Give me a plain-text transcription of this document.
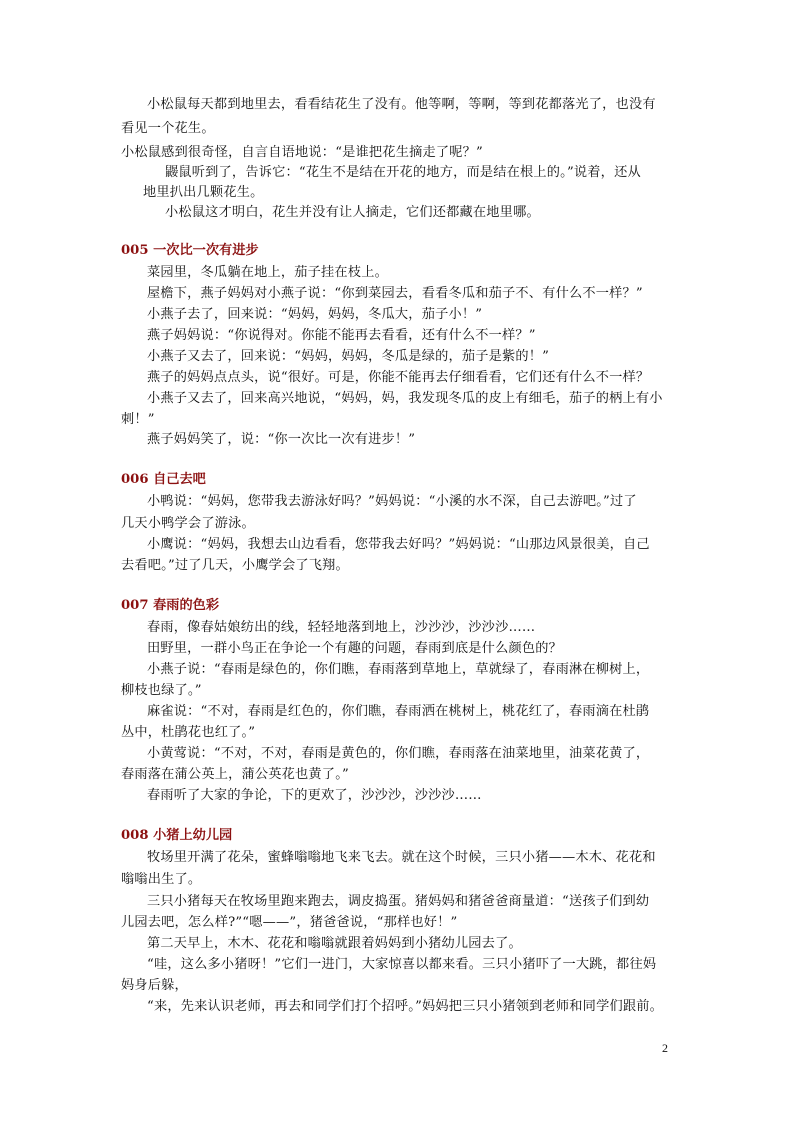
小松鼠每天都到地里去，看看结花生了没有。他等啊，等啊，等到花都落光了，也没有
看见一个花生。
小松鼠感到很奇怪，自言自语地说：“是谁把花生摘走了呢？”
鼹鼠听到了，告诉它：“花生不是结在开花的地方，而是结在根上的。”说着，还从
地里扒出几颗花生。
小松鼠这才明白，花生并没有让人摘走，它们还都藏在地里哪。
005 一次比一次有进步
菜园里，冬瓜躺在地上，茄子挂在枝上。
屋檐下，燕子妈妈对小燕子说：“你到菜园去，看看冬瓜和茄子不、有什么不一样？”
小燕子去了，回来说：“妈妈，妈妈，冬瓜大，茄子小！”
燕子妈妈说：“你说得对。你能不能再去看看，还有什么不一样？”
小燕子又去了，回来说：“妈妈，妈妈，冬瓜是绿的，茄子是紫的！”
燕子的妈妈点点头，说“很好。可是，你能不能再去仔细看看，它们还有什么不一样？
小燕子又去了，回来高兴地说，“妈妈，妈，我发现冬瓜的皮上有细毛，茄子的柄上有小
刺！”
燕子妈妈笑了，说：“你一次比一次有进步！”
006 自己去吧
小鸭说：“妈妈，您带我去游泳好吗？”妈妈说：“小溪的水不深，自己去游吧。”过了
几天小鸭学会了游泳。
小鹰说：“妈妈，我想去山边看看，您带我去好吗？”妈妈说：“山那边风景很美，自己
去看吧。”过了几天，小鹰学会了飞翔。
007 春雨的色彩
春雨，像春姑娘纺出的线，轻轻地落到地上，沙沙沙，沙沙沙……
田野里，一群小鸟正在争论一个有趣的问题，春雨到底是什么颜色的？
小燕子说：“春雨是绿色的，你们瞧，春雨落到草地上，草就绿了，春雨淋在柳树上，
柳枝也绿了。”
麻雀说：“不对，春雨是红色的，你们瞧，春雨洒在桃树上，桃花红了，春雨滴在杜鹃
丛中，杜鹃花也红了。”
小黄莺说：“不对，不对，春雨是黄色的，你们瞧，春雨落在油菜地里，油菜花黄了，
春雨落在蒲公英上，蒲公英花也黄了。”
春雨听了大家的争论，下的更欢了，沙沙沙，沙沙沙……
008 小猪上幼儿园
牧场里开满了花朵，蜜蜂嗡嗡地飞来飞去。就在这个时候，三只小猪——木木、花花和
嗡嗡出生了。
三只小猪每天在牧场里跑来跑去，调皮捣蛋。猪妈妈和猪爸爸商量道：“送孩子们到幼
儿园去吧，怎么样?”“嗯——”，猪爸爸说，“那样也好！”
第二天早上，木木、花花和嗡嗡就跟着妈妈到小猪幼儿园去了。
“哇，这么多小猪呀！”它们一进门，大家惊喜以都来看。三只小猪吓了一大跳，都往妈
妈身后躲，
“来，先来认识老师，再去和同学们打个招呼。”妈妈把三只小猪领到老师和同学们跟前。
2
